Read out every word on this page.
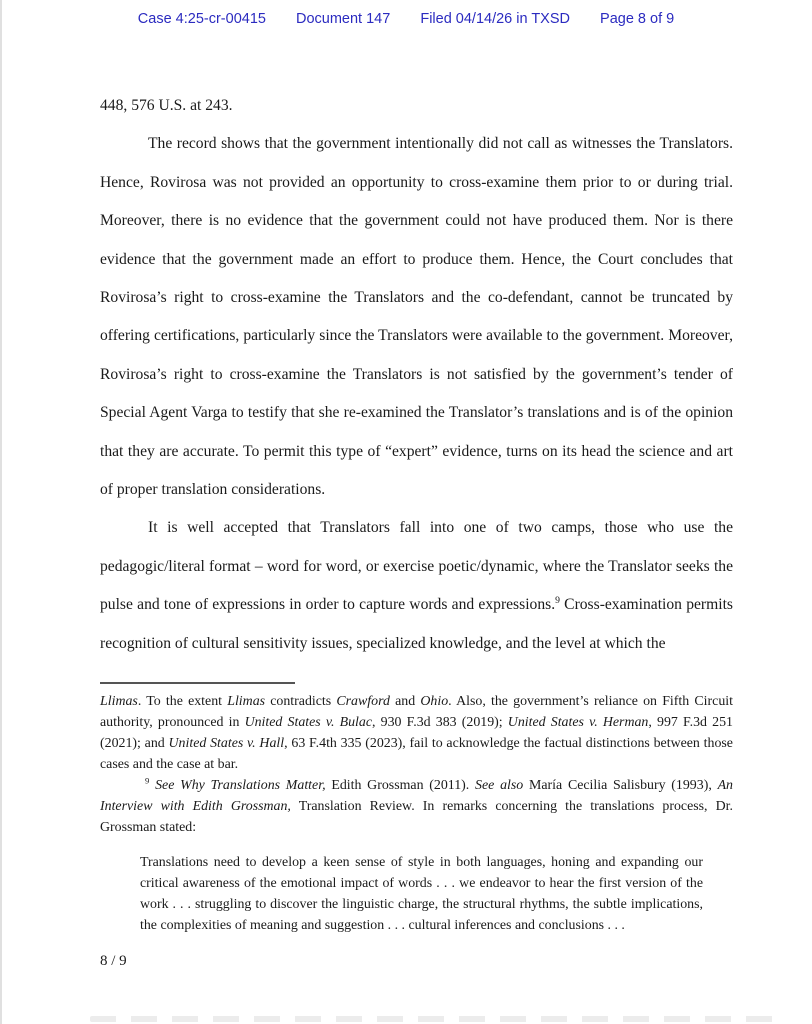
Case 4:25-cr-00415 Document 147 Filed 04/14/26 in TXSD Page 8 of 9

448, 576 U.S. at 243.

The record shows that the government intentionally did not call as witnesses the Translators. Hence, Rovirosa was not provided an opportunity to cross-examine them prior to or during trial. Moreover, there is no evidence that the government could not have produced them. Nor is there evidence that the government made an effort to produce them. Hence, the Court concludes that Rovirosa’s right to cross-examine the Translators and the co-defendant, cannot be truncated by offering certifications, particularly since the Translators were available to the government. Moreover, Rovirosa’s right to cross-examine the Translators is not satisfied by the government’s tender of Special Agent Varga to testify that she re-examined the Translator’s translations and is of the opinion that they are accurate. To permit this type of “expert” evidence, turns on its head the science and art of proper translation considerations.

It is well accepted that Translators fall into one of two camps, those who use the pedagogic/literal format – word for word, or exercise poetic/dynamic, where the Translator seeks the pulse and tone of expressions in order to capture words and expressions.$^9$ Cross-examination permits recognition of cultural sensitivity issues, specialized knowledge, and the level at which the

Llimas. To the extent Llimas contradicts Crawford and Ohio. Also, the government’s reliance on Fifth Circuit authority, pronounced in United States v. Bulac, 930 F.3d 383 (2019); United States v. Herman, 997 F.3d 251 (2021); and United States v. Hall, 63 F.4th 335 (2023), fail to acknowledge the factual distinctions between those cases and the case at bar.

$^9$ See Why Translations Matter, Edith Grossman (2011). See also María Cecilia Salisbury (1993), An Interview with Edith Grossman, Translation Review. In remarks concerning the translations process, Dr. Grossman stated:

Translations need to develop a keen sense of style in both languages, honing and expanding our critical awareness of the emotional impact of words . . . we endeavor to hear the first version of the work . . . struggling to discover the linguistic charge, the structural rhythms, the subtle implications, the complexities of meaning and suggestion . . . cultural inferences and conclusions . . .

8 / 9
